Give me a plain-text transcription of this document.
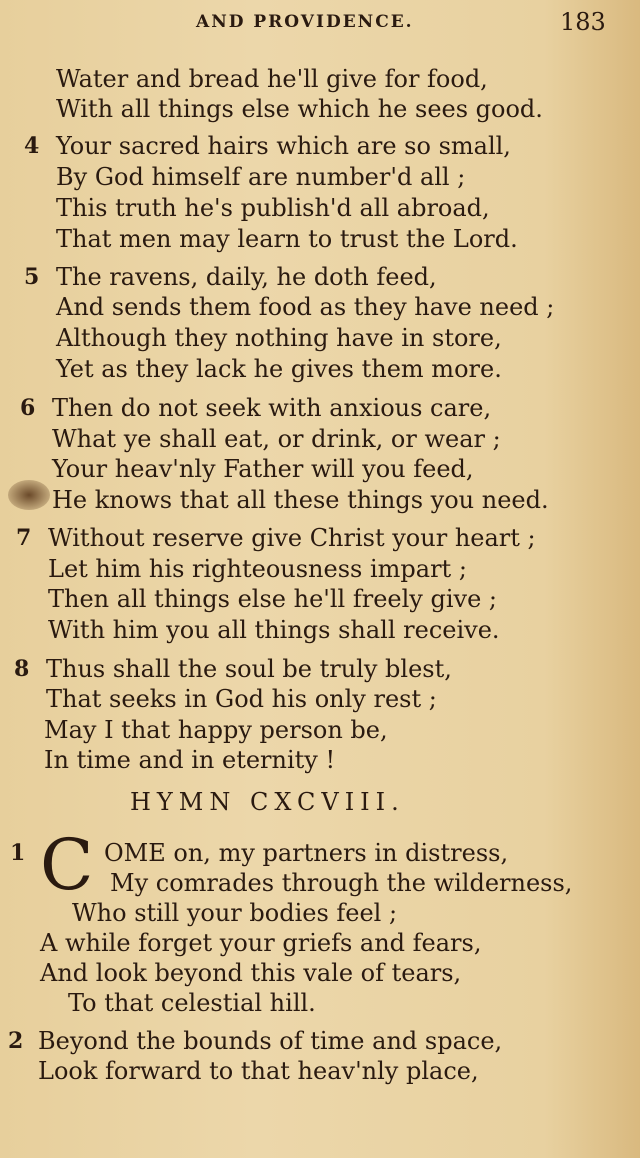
AND PROVIDENCE.	183
Water and bread he'll give for food,
With all things else which he sees good.
4 Your sacred hairs which are so small,
By God himself are number'd all ;
This truth he's publish'd all abroad,
That men may learn to trust the Lord.
5 The ravens, daily, he doth feed,
And sends them food as they have need ;
Although they nothing have in store,
Yet as they lack he gives them more.
6 Then do not seek with anxious care,
What ye shall eat, or drink, or wear ;
Your heav'nly Father will you feed,
He knows that all these things you need.
7 Without reserve give Christ your heart ;
Let him his righteousness impart ;
Then all things else he'll freely give ;
With him you all things shall receive.
8 Thus shall the soul be truly blest,
That seeks in God his only rest ;
May I that happy person be,
In time and in eternity !
HYMN CXCVIII.
1 C OME on, my partners in distress,
My comrades through the wilderness,
Who still your bodies feel ;
A while forget your griefs and fears,
And look beyond this vale of tears,
To that celestial hill.
2 Beyond the bounds of time and space,
Look forward to that heav'nly place,
